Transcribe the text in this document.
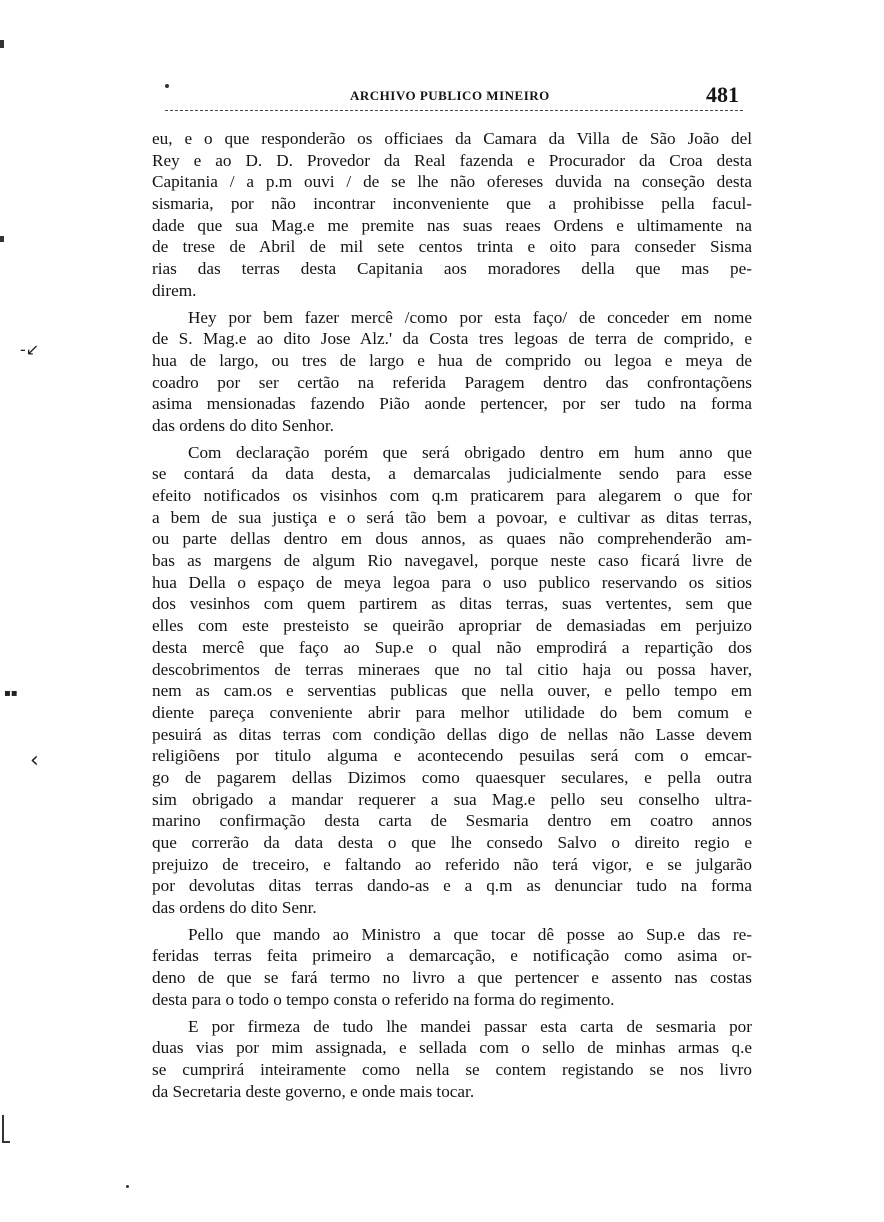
ARCHIVO PUBLICO MINEIRO	481
eu, e o que responderão os officiaes da Camara da Villa de São João del
Rey e ao D. D. Provedor da Real fazenda e Procurador da Croa desta
Capitania / a p.m ouvi / de se lhe não ofereses duvida na conseção desta
sismaria, por não incontrar inconveniente que a prohibisse pella facul-
dade que sua Mag.e me premite nas suas reaes Ordens e ultimamente na
de trese de Abril de mil sete centos trinta e oito para conseder Sisma
rias das terras desta Capitania aos moradores della que mas pe-
direm.
Hey por bem fazer mercê /como por esta faço/ de conceder em nome
de S. Mag.e ao dito Jose Alz.' da Costa tres legoas de terra de comprido, e
hua de largo, ou tres de largo e hua de comprido ou legoa e meya de
coadro por ser certão na referida Paragem dentro das confrontaçõens
asima mensionadas fazendo Pião aonde pertencer, por ser tudo na forma
das ordens do dito Senhor.
Com declaração porém que será obrigado dentro em hum anno que
se contará da data desta, a demarcalas judicialmente sendo para esse
efeito notificados os visinhos com q.m praticarem para alegarem o que for
a bem de sua justiça e o será tão bem a povoar, e cultivar as ditas terras,
ou parte dellas dentro em dous annos, as quaes não comprehenderão am-
bas as margens de algum Rio navegavel, porque neste caso ficará livre de
hua Della o espaço de meya legoa para o uso publico reservando os sitios
dos vesinhos com quem partirem as ditas terras, suas vertentes, sem que
elles com este presteisto se queirão apropriar de demasiadas em perjuizo
desta mercê que faço ao Sup.e o qual não emprodirá a repartição dos
descobrimentos de terras mineraes que no tal citio haja ou possa haver,
nem as cam.os e serventias publicas que nella ouver, e pello tempo em
diente pareça conveniente abrir para melhor utilidade do bem comum e
pesuirá as ditas terras com condição dellas digo de nellas não Lasse devem
religiõens por titulo alguma e acontecendo pesuilas será com o emcar-
go de pagarem dellas Dizimos como quaesquer seculares, e pella outra
sim obrigado a mandar requerer a sua Mag.e pello seu conselho ultra-
marino confirmação desta carta de Sesmaria dentro em coatro annos
que correrão da data desta o que lhe consedo Salvo o direito regio e
prejuizo de treceiro, e faltando ao referido não terá vigor, e se julgarão
por devolutas ditas terras dando-as e a q.m as denunciar tudo na forma
das ordens do dito Senr.
Pello que mando ao Ministro a que tocar dê posse ao Sup.e das re-
feridas terras feita primeiro a demarcação, e notificação como asima or-
deno de que se fará termo no livro a que pertencer e assento nas costas
desta para o todo o tempo consta o referido na forma do regimento.
E por firmeza de tudo lhe mandei passar esta carta de sesmaria por
duas vias por mim assignada, e sellada com o sello de minhas armas q.e
se cumprirá inteiramente como nella se contem registando se nos livro
da Secretaria deste governo, e onde mais tocar.
-↙
▪▪
‹
